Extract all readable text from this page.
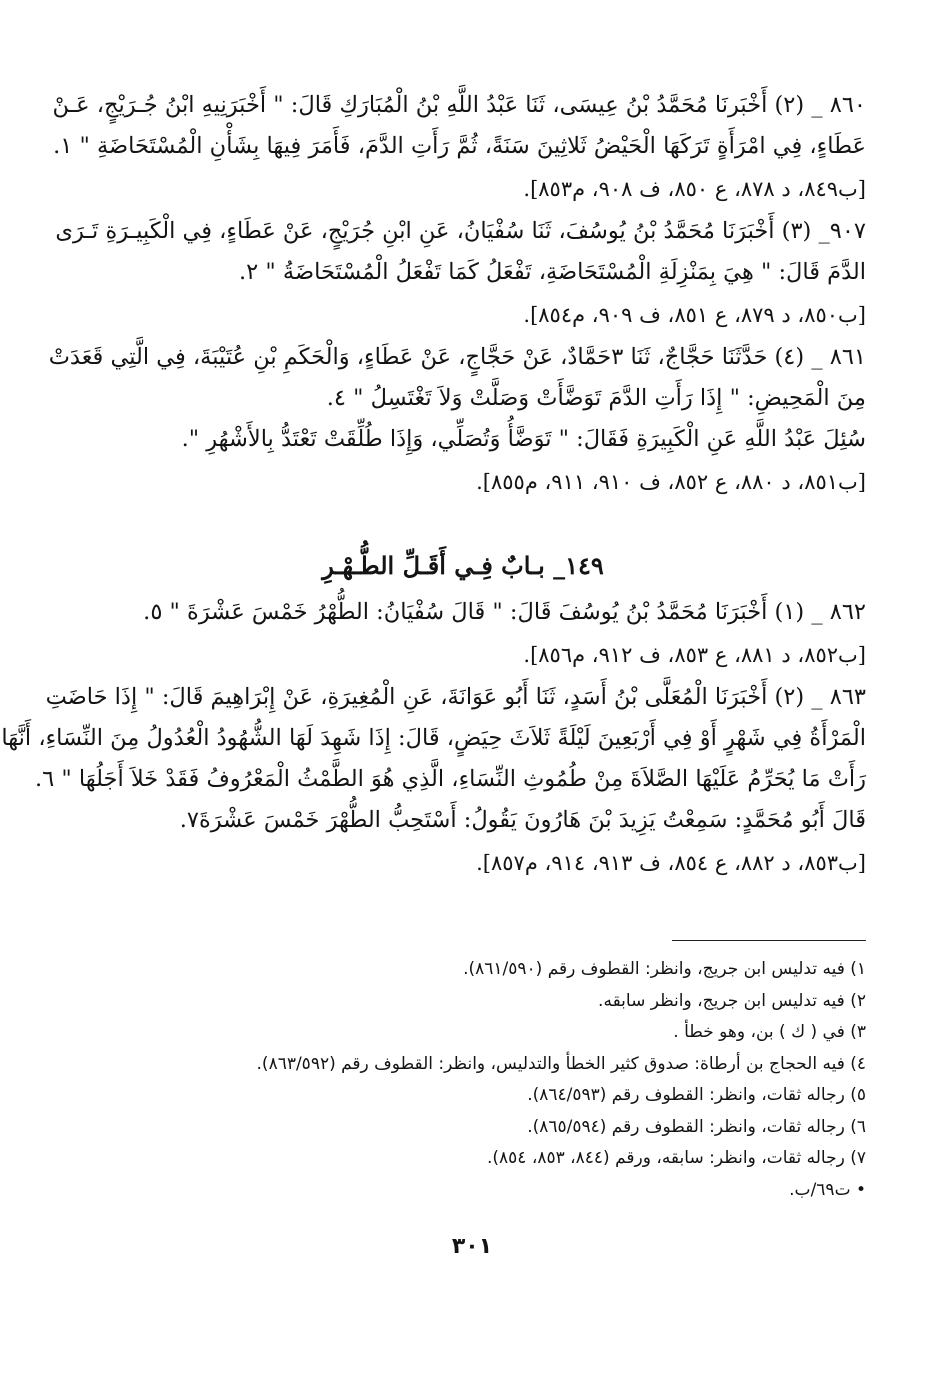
٨٦٠ _ (٢) أَخْبَرنَا مُحَمَّدُ بْنُ عِيسَى، ثَنَا عَبْدُ اللَّهِ بْنُ الْمُبَارَكِ قَالَ: " أَخْبَرَنِيهِ ابْنُ جُـرَيْجٍ، عَـنْ
عَطَاءٍ، فِي امْرَأَةٍ تَرَكَهَا الْحَيْضُ ثَلاثِينَ سَنَةً، ثُمَّ رَأَتِ الدَّمَ، فَأَمَرَ فِيهَا بِشَأْنِ الْمُسْتَحَاضَةِ " ١.
[ب٨٤٩، د ٨٧٨، ع ٨٥٠، ف ٩٠٨، م٨٥٣].
٩٠٧_ (٣) أَخْبَرَنَا مُحَمَّدُ بْنُ يُوسُفَ، ثَنَا سُفْيَانُ، عَنِ ابْنِ جُرَيْجٍ، عَنْ عَطَاءٍ، فِي الْكَبِيـرَةِ تَـرَى
الدَّمَ قَالَ: " هِيَ بِمَنْزِلَةِ الْمُسْتَحَاضَةِ، تَفْعَلُ كَمَا تَفْعَلُ الْمُسْتَحَاضَةُ " ٢.
[ب٨٥٠، د ٨٧٩، ع ٨٥١، ف ٩٠٩، م٨٥٤].
٨٦١ _ (٤) حَدَّثَنَا حَجَّاجٌ، ثَنَا ٣حَمَّادٌ، عَنْ حَجَّاجٍ، عَنْ عَطَاءٍ، وَالْحَكَمِ بْنِ عُتَيْبَةَ، فِي الَّتِي قَعَدَتْ
مِنَ الْمَحِيضِ: " إِذَا رَأَتِ الدَّمَ تَوَضَّأَتْ وَصَلَّتْ وَلاَ تَغْتَسِلُ " ٤.
سُئِلَ عَبْدُ اللَّهِ عَنِ الْكَبِيرَةِ فَقَالَ: " تَوَضَّأُ وَتُصَلِّي، وَإِذَا طُلِّقَتْ تَعْتَدُّ بِالأَشْهُرِ ".
[ب٨٥١، د ٨٨٠، ع ٨٥٢، ف ٩١٠، ٩١١، م٨٥٥].
١٤٩_ بـابٌ فِـي أَقَـلِّ الطُّـهْـرِ
٨٦٢ _ (١) أَخْبَرَنَا مُحَمَّدُ بْنُ يُوسُفَ قَالَ: " قَالَ سُفْيَانُ: الطُّهْرُ خَمْسَ عَشْرَةَ " ٥.
[ب٨٥٢، د ٨٨١، ع ٨٥٣، ف ٩١٢، م٨٥٦].
٨٦٣ _ (٢) أَخْبَرَنَا الْمُعَلَّى بْنُ أَسَدٍ، ثَنَا أَبُو عَوَانَةَ، عَنِ الْمُغِيرَةِ، عَنْ إِبْرَاهِيمَ قَالَ: " إِذَا حَاضَتِ
الْمَرْأَةُ فِي شَهْرٍ أَوْ فِي أَرْبَعِينَ لَيْلَةً ثَلاَثَ حِيَضٍ، قَالَ: إِذَا شَهِدَ لَهَا الشُّهُودُ الْعُدُولُ مِنَ النِّسَاءِ، أَنَّهَا
رَأَتْ مَا يُحَرِّمُ عَلَيْهَا الصَّلاَةَ مِنْ طُمُوثِ النِّسَاءِ، الَّذِي هُوَ الطَّمْثُ الْمَعْرُوفُ فَقَدْ خَلاَ أَجَلُهَا " ٦.
قَالَ أَبُو مُحَمَّدٍ: سَمِعْتُ يَزِيدَ بْنَ هَارُونَ يَقُولُ: أَسْتَحِبُّ الطُّهْرَ خَمْسَ عَشْرَةَ٧.
[ب٨٥٣، د ٨٨٢، ع ٨٥٤، ف ٩١٣، ٩١٤، م٨٥٧].
١) فيه تدليس ابن جريج، وانظر: القطوف رقم (٨٦١/٥٩٠).
٢) فيه تدليس ابن جريج، وانظر سابقه.
٣) في ( ك ) بن، وهو خطأ .
٤) فيه الحجاج بن أرطاة: صدوق كثير الخطأ والتدليس، وانظر: القطوف رقم (٨٦٣/٥٩٢).
٥) رجاله ثقات، وانظر: القطوف رقم (٨٦٤/٥٩٣).
٦) رجاله ثقات، وانظر: القطوف رقم (٨٦٥/٥٩٤).
٧) رجاله ثقات، وانظر: سابقه، ورقم (٨٤٤، ٨٥٣، ٨٥٤).
• ت٦٩/ب.
٣٠١
